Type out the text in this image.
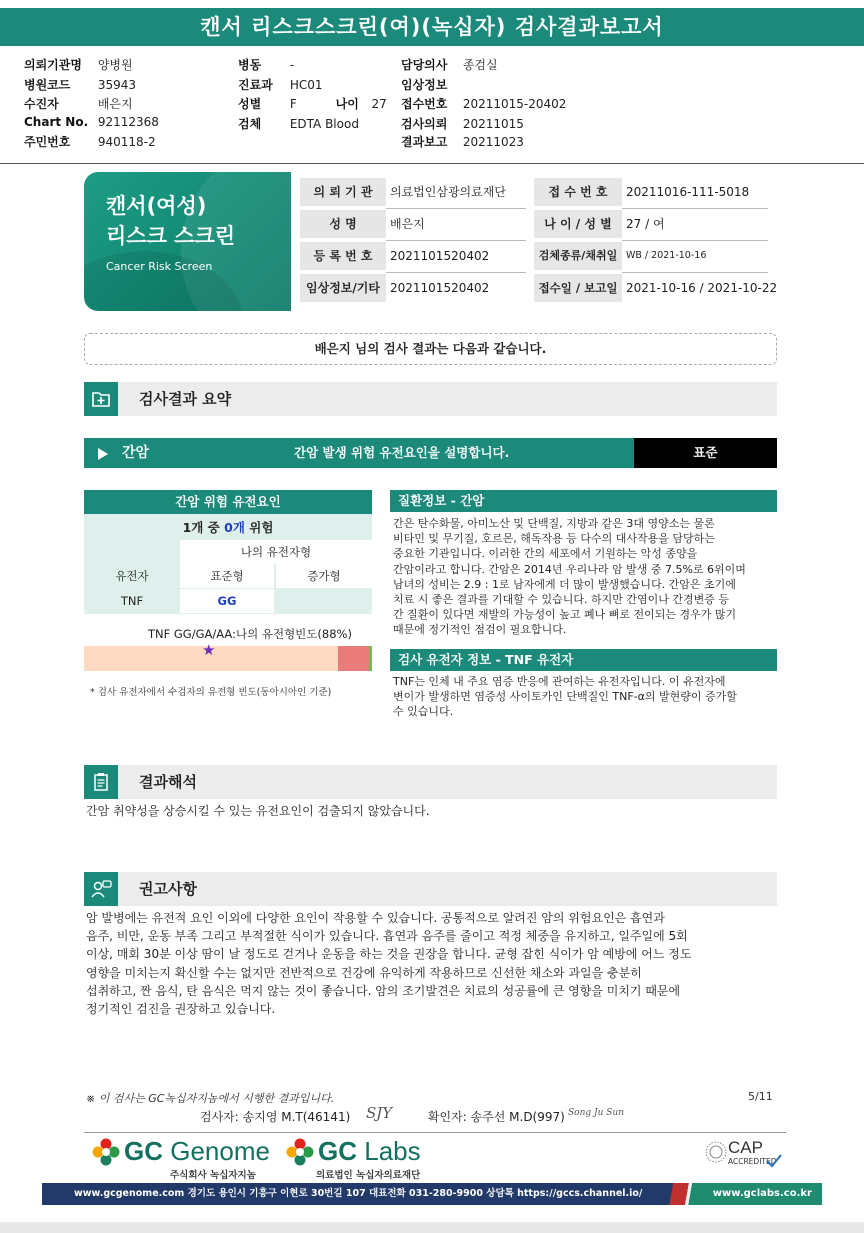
캔서 리스크스크린(여)(녹십자) 검사결과보고서
의뢰기관명 양병원
병원코드 35943
수진자	배은지
Chart No. 92112368
주민번호 940118-2
병동 -
진료과 HC01
성별 F	나이 27
검체 EDTA Blood
담당의사 종검실
임상정보
접수번호 20211015-20402
검사의뢰 20211015
결과보고 20211023
캔서(여성)
리스크 스크린
Cancer Risk Screen
의 뢰 기 관	의료법인삼광의료재단	접 수 번 호	20211016-111-5018
성 명	배은지	나 이 / 성 별	27 / 여
등 록 번 호	2021101520402	검체종류/채취일 WB / 2021-10-16
임상정보/기타 2021101520402	접수일 / 보고일 2021-10-16 / 2021-10-22
배은지 님의 검사 결과는 다음과 같습니다.
검사결과 요약
간암	간암 발생 위험 유전요인을 설명합니다.	표준
간암 위험 유전요인
1개 중 0개 위험
나의 유전자형
유전자	표준형	증가형
TNF	GG
TNF GG/GA/AA:나의 유전형빈도(88%)
★
* 검사 유전자에서 수검자의 유전형 빈도(동아시아인 기준)
질환정보 - 간암
간은 탄수화물, 아미노산 및 단백질, 지방과 같은 3대 영양소는 물론
비타민 및 무기질, 호르몬, 해독작용 등 다수의 대사작용을 담당하는
중요한 기관입니다. 이러한 간의 세포에서 기원하는 악성 종양을
간암이라고 합니다. 간암은 2014년 우리나라 암 발생 중 7.5%로 6위이며
남녀의 성비는 2.9 : 1로 남자에게 더 많이 발생했습니다. 간암은 초기에
치료 시 좋은 결과를 기대할 수 있습니다. 하지만 간염이나 간경변증 등
간 질환이 있다면 재발의 가능성이 높고 폐나 뼈로 전이되는 경우가 많기
때문에 정기적인 점검이 필요합니다.
검사 유전자 정보 - TNF 유전자
TNF는 인체 내 주요 염증 반응에 관여하는 유전자입니다. 이 유전자에
변이가 발생하면 염증성 사이토카인 단백질인 TNF-α의 발현량이 증가할
수 있습니다.
결과해석
간암 취약성을 상승시킬 수 있는 유전요인이 검출되지 않았습니다.
권고사항
암 발병에는 유전적 요인 이외에 다양한 요인이 작용할 수 있습니다. 공통적으로 알려진 암의 위험요인은 흡연과
음주, 비만, 운동 부족 그리고 부적절한 식이가 있습니다. 흡연과 음주를 줄이고 적정 체중을 유지하고, 일주일에 5회
이상, 매회 30분 이상 땀이 날 정도로 걷거나 운동을 하는 것을 권장을 합니다. 균형 잡힌 식이가 암 예방에 어느 정도
영향을 미치는지 확신할 수는 없지만 전반적으로 건강에 유익하게 작용하므로 신선한 채소와 과일을 충분히
섭취하고, 짠 음식, 탄 음식은 먹지 않는 것이 좋습니다. 암의 조기발견은 치료의 성공률에 큰 영향을 미치기 때문에
정기적인 검진을 권장하고 있습니다.
※ 이 검사는 GC녹십자지놈에서 시행한 결과입니다.	5/11
검사자: 송지영 M.T(46141)	확인자: 송주선 M.D(997)
SJY	Song Ju Sun
GC Genome
주식회사 녹십자지놈
GC Labs
의료법인 녹십자의료재단
CAP
ACCREDITED
www.gcgenome.com 경기도 용인시 기흥구 이현로 30번길 107 대표전화 031-280-9900 상담톡 https://gccs.channel.io/	www.gclabs.co.kr
